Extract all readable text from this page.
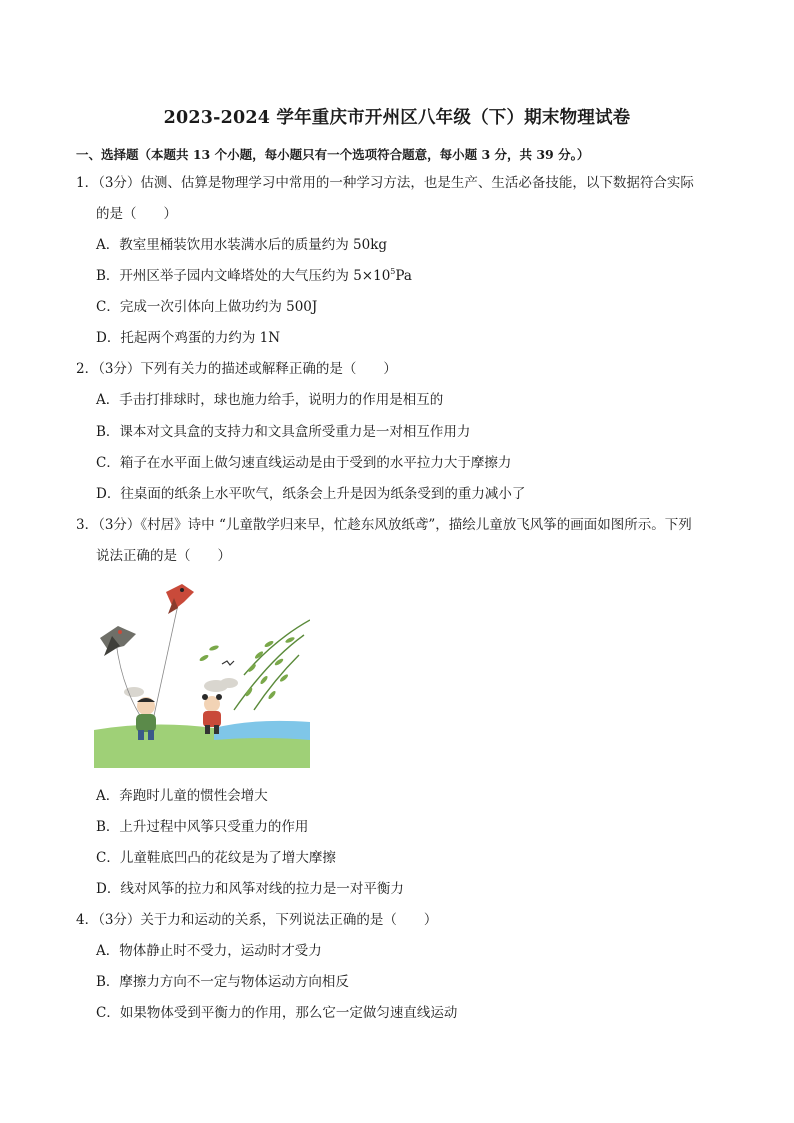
2023-2024 学年重庆市开州区八年级（下）期末物理试卷
一、选择题（本题共 13 个小题，每小题只有一个选项符合题意，每小题 3 分，共 39 分。）
1．（3分）估测、估算是物理学习中常用的一种学习方法，也是生产、生活必备技能，以下数据符合实际
的是（　　）
A．教室里桶装饮用水装满水后的质量约为 50kg
B．开州区举子园内文峰塔处的大气压约为 $5\times 10^5Pa$
C．完成一次引体向上做功约为 500J
D．托起两个鸡蛋的力约为 1N
2．（3分）下列有关力的描述或解释正确的是（　　）
A．手击打排球时，球也施力给手，说明力的作用是相互的
B．课本对文具盒的支持力和文具盒所受重力是一对相互作用力
C．箱子在水平面上做匀速直线运动是由于受到的水平拉力大于摩擦力
D．往桌面的纸条上水平吹气，纸条会上升是因为纸条受到的重力减小了
3．（3分）《村居》诗中 “儿童散学归来早，忙趁东风放纸鸢”，描绘儿童放飞风筝的画面如图所示。下列
说法正确的是（　　）
A．奔跑时儿童的惯性会增大
B．上升过程中风筝只受重力的作用
C．儿童鞋底凹凸的花纹是为了增大摩擦
D．线对风筝的拉力和风筝对线的拉力是一对平衡力
4．（3分）关于力和运动的关系，下列说法正确的是（　　）
A．物体静止时不受力，运动时才受力
B．摩擦力方向不一定与物体运动方向相反
C．如果物体受到平衡力的作用，那么它一定做匀速直线运动
